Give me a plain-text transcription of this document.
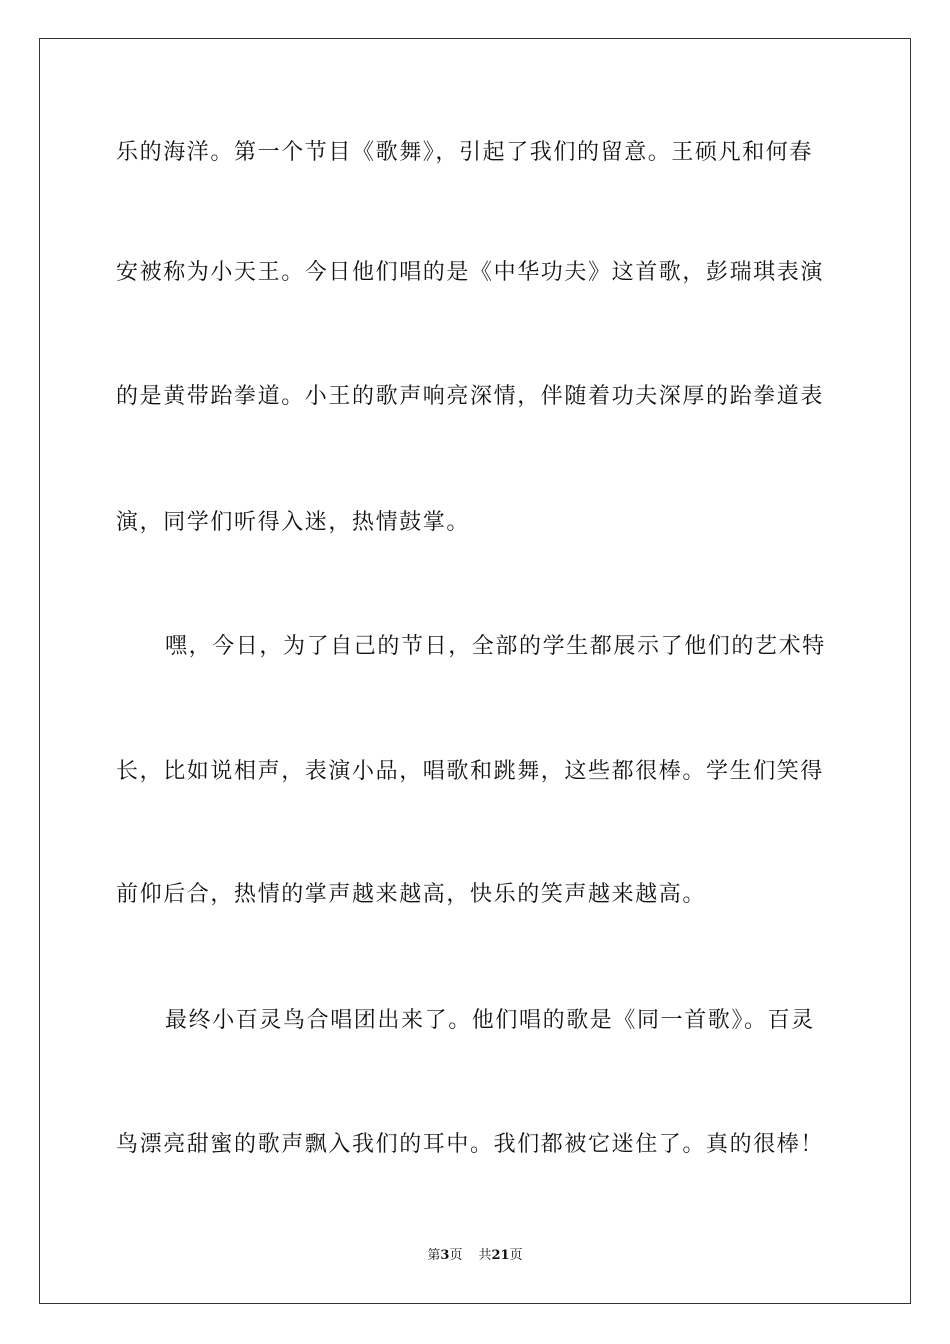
乐的海洋。第一个节目《歌舞》，引起了我们的留意。王硕凡和何春
安被称为小天王。今日他们唱的是《中华功夫》这首歌，彭瑞琪表演
的是黄带跆拳道。小王的歌声响亮深情，伴随着功夫深厚的跆拳道表
演，同学们听得入迷，热情鼓掌。
嘿，今日，为了自己的节日，全部的学生都展示了他们的艺术特
长，比如说相声，表演小品，唱歌和跳舞，这些都很棒。学生们笑得
前仰后合，热情的掌声越来越高，快乐的笑声越来越高。
最终小百灵鸟合唱团出来了。他们唱的歌是《同一首歌》。百灵
鸟漂亮甜蜜的歌声飘入我们的耳中。我们都被它迷住了。真的很棒！
第3页 共21页
